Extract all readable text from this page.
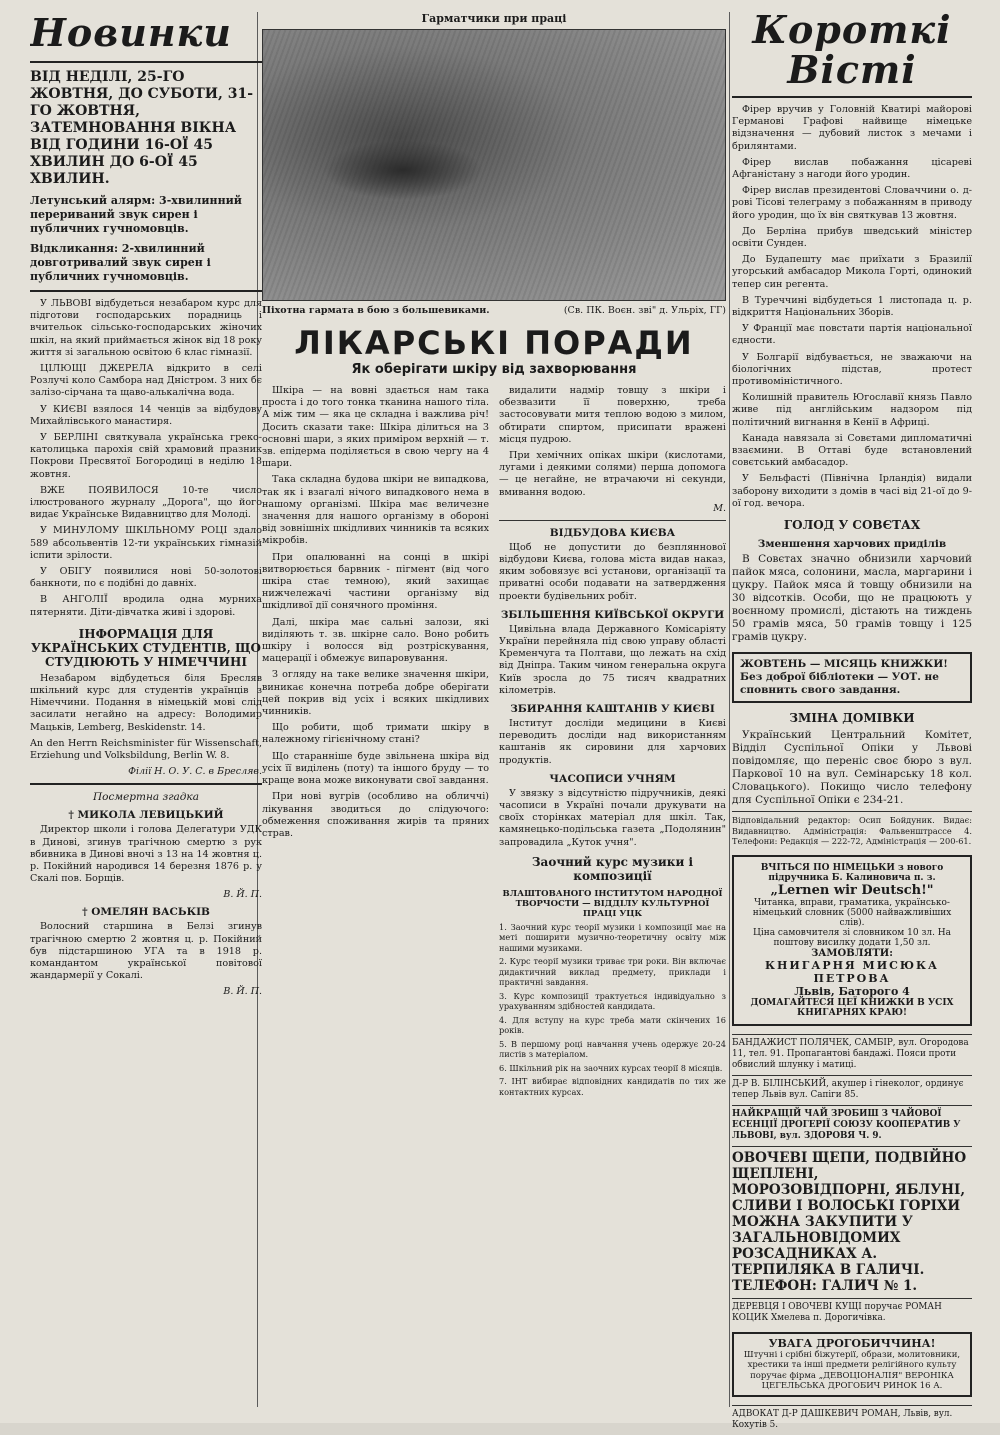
Новинки
ВІД НЕДІЛІ, 25-ГО ЖОВТНЯ, ДО СУБОТИ, 31-ГО ЖОВТНЯ, ЗАТЕМНОВАННЯ ВІКНА ВІД ГОДИНИ 16-ОЇ 45 ХВИЛИН ДО 6-ОЇ 45 ХВИЛИН.
Летунський алярм: 3-хвилинний перериваний звук сирен і публичних гучномовців.
Відкликання: 2-хвилинний довготривалий звук сирен і публичних гучномовців.

У ЛЬВОВІ відбудеться незабаром курс для підготови господарських порадниць і вчительок сільсько-господарських жіночих шкіл, на який приймається жінок від 18 року життя зі загальною освітою 6 клас гімназії.

ЦІЛЮЩІ ДЖЕРЕЛА відкрито в селі Розлучі коло Самбора над Дністром. 3 них бє залізо-сірчана та щаво-алькалічна вода.

У КИЄВІ взялося 14 ченців за відбудову Михайлівського манастиря.

У БЕРЛІНІ святкувала українська греко-католицька парохія свій храмовий празник Покрови Пресвятої Богородиці в неділю 18 жовтня.

ВЖЕ ПОЯВИЛОСЯ 10-те число ілюстрованого журналу „Дорога", що його видає Українське Видавництво для Молоді.

У МИНУЛОМУ ШКІЛЬНОМУ РОЦІ здало 589 абсольвентів 12-ти українських гімназій іспити зрілости.

У ОБІГУ появилися нові 50-золотові банкноти, по є подібні до давніх.

В АНГОЛІЇ вродила одна мурниха пятерняти. Діти-дівчатка живі і здорові.

ІНФОРМАЦІЯ ДЛЯ УКРАЇНСЬКИХ СТУДЕНТІВ, ЩО СТУДІЮЮТЬ У НІМЕЧЧИНІ

Незабаром відбудеться біля Бресляв шкільний курс для студентів українців з Німеччини. Подання в німецькій мові слід засилати негайно на адресу: Володимир Мацьків, Lemberg, Beskidenstr. 14.

An den Herrn Reichsminister für Wissenschaft, Erziehung und Volksbildung, Berlin W. 8.

Філії Н. О. У. С. в Бресляв.
Посмертна згадка
† МИКОЛА ЛЕВИЦЬКИЙ

Директор школи і голова Делегатури УДК в Динові, згинув трагічною смертю з рук вбивника в Динові вночі з 13 на 14 жовтня ц. р. Покійний народився 14 березня 1876 р. у Скалі пов. Борщів.

В. Й. П.
† ОМЕЛЯН ВАСЬКІВ

Волосний старшина в Белзі згинув трагічною смертю 2 жовтня ц. р. Покійний був підстаршиною УГА та в 1918 р. командантом української повітової жандармерії у Сокалі.

В. Й. П.
Гарматчики при праці
Піхотна гармата в бою з большевиками.	(Св. ПК. Воєн. зві" д. Ульріх, ГГ)
ЛІКАРСЬКІ ПОРАДИ
Як оберігати шкіру від захворювання

Шкіра — на вовні здається нам така проста і до того тонка тканина нашого тіла. А між тим — яка це складна і важлива річ! Досить сказати таке: Шкіра ділиться на 3 основні шари, з яких приміром верхній — т. зв. епідерма поділяється в свою чергу на 4 шари.

Така складна будова шкіри не випадкова, так як і взагалі нічого випадкового нема в нашому організмі. Шкіра має величезне значення для нашого організму в обороні від зовнішніх шкідливих чинників та всяких мікробів.

При опалюванні на сонці в шкірі витворюється барвник - пігмент (від чого шкіра стає темною), який захищає нижчележачі частини організму від шкідливої дії сонячного проміння.

Далі, шкіра має сальні залози, які виділяють т. зв. шкірне сало. Воно робить шкіру і волосся від розтріскування, мацерації і обмежує випаровування.

З огляду на таке велике значення шкіри, виникає конечна потреба добре оберігати цей покрив від усіх і всяких шкідливих чинників.

Що робити, щоб тримати шкіру в належному гігієнічному стані?

Що старанніше буде звільнена шкіра від усіх її виділень (поту) та іншого бруду — то краще вона може виконувати свої завдання.

При нові вугрів (особливо на обличчі) лікування зводиться до слідуючого: обмеження споживання жирів та пряних страв.

видалити надмір товщу з шкіри і обезвазити її поверхню, треба застосовувати митя теплою водою з милом, обтирати спиртом, присипати вражені місця пудрою.

При хемічних опіках шкіри (кислотами, лугами і деякими солями) перша допомога — це негайне, не втрачаючи ні секунди, вмивання водою.

М.
ВІДБУДОВА КИЄВА

Щоб не допустити до безпляннової відбудови Києва, голова міста видав наказ, яким зобовязує всі установи, організації та приватні особи подавати на затвердження проекти будівельних робіт.

ЗБІЛЬШЕННЯ КИЇВСЬКОЇ ОКРУГИ

Цивільна влада Державного Комісаріяту України перейняла під свою управу області Кременчуга та Полтави, що лежать на схід від Дніпра. Таким чином генеральна округа Київ зросла до 75 тисяч квадратних кілометрів.

ЗБИРАННЯ КАШТАНІВ У КИЄВІ

Інститут досліди медицини в Києві переводить досліди над використанням каштанів як сировини для харчових продуктів.

ЧАСОПИСИ УЧНЯМ

У звязку з відсутністю підручників, деякі часописи в Україні почали друкувати на своїх сторінках матеріал для шкіл. Так, камянецько-подільська газета „Подолянин" запровадила „Куток учня".

Заочний курс музики і композиції
ВЛАШТОВАНОГО ІНСТИТУТОМ НАРОДНОЇ ТВОРЧОСТИ — ВІДДІЛУ КУЛЬТУРНОЇ ПРАЦІ УЦК

1. Заочний курс теорії музики і композиції має на меті поширити музично-теоретичну освіту між нашими музиками.

2. Курс теорії музики триває три роки. Він включає дидактичний виклад предмету, приклади і практичні завдання.

3. Курс композиції трактується індивідуально з урахуванням здібностей кандидата.

4. Для вступу на курс треба мати скінчених 16 років.

5. В першому році навчання учень одержує 20-24 листів з матеріалом.

6. Шкільний рік на заочних курсах теорії 8 місяців.

7. ІНТ вибирає відповідних кандидатів по тих же контактних курсах.

Короткі
Вісті

Фірер вручив у Головній Кватирі майорові Германові Графові найвище німецьке відзначення — дубовий листок з мечами і брилянтами.

Фірер вислав побажання цісареві Афганістану з нагоди його уродин.

Фірер вислав президентові Словаччини о. д-рові Тісові телеграму з побажанням в приводу його уродин, що їх він святкував 13 жовтня.

До Берліна прибув шведський міністер освіти Сунден.

До Будапешту має приїхати з Бразилії угорський амбасадор Микола Горті, одинокий тепер син регента.

В Туреччині відбудеться 1 листопада ц. р. відкриття Національних Зборів.

У Франції має повстати партія національної єдности.

У Болгарії відбувається, не зважаючи на біологічних підстав, протест противоміністичного.

Колишній правитель Югославії князь Павло живе під англійським надзором під політичний вигнання в Кенії в Африці.

Канада навязала зі Совєтами дипломатичні взаємини. В Оттаві буде встановлений совєтський амбасадор.

У Бельфасті (Північна Ірландія) видали заборону виходити з домів в часі від 21-ої до 9-ої год. вечора.

ГОЛОД У СОВЄТАХ
Зменшення харчових приділів

В Совєтах значно обнизили харчовий пайок мяса, солонини, масла, маргарини і цукру. Пайок мяса й товщу обнизили на 30 відсотків. Особи, що не працюють у воєнному промислі, дістають на тиждень 50 грамів мяса, 50 грамів товщу і 125 грамів цукру.

ЖОВТЕНЬ — МІСЯЦЬ КНИЖКИ! Без доброї бібліотеки — УОТ. не сповнить свого завдання.
ЗМІНА ДОМІВКИ

Український Центральний Комітет, Відділ Суспільної Опіки у Львові повідомляє, що переніс своє бюро з вул. Паркової 10 на вул. Семінарську 18 кол. Словацького). Покищо число телефону для Суспільної Опіки є 234-21.

Відповідальний редактор: Осип Бойдуник. Видає: Видавництво. Адміністрація: Фальвенштрассе 4. Телефони: Редакція — 222-72, Адміністрація — 200-61.

ВЧІТЬСЯ ПО НІМЕЦЬКИ з нового підручника Б. Калиновича п. з.
„Lernen wir Deutsch!"
Читанка, вправи, граматика, українсько-німецький словник (5000 найважливіших слів).
Ціна самовчителя зі словником 10 зл. На поштову висилку додати 1,50 зл.
ЗАМОВЛЯТИ:
КНИГАРНЯ МИСЮКА ПЕТРОВА
Львів, Баторого 4
ДОМАГАЙТЕСЯ ЦЕЇ КНИЖКИ В УСІХ КНИГАРНЯХ КРАЮ!

БАНДАЖИСТ ПОЛЯЧЕК, САМБІР, вул. Огородова 11, тел. 91. Пропагантові бандажі. Пояси проти обвислий шлунку і матиці.

Д-Р В. БІЛІНСЬКИЙ, акушер і гінеколог, ординує тепер Львів вул. Сапіги 85.

НАЙКРАЩІЙ ЧАЙ ЗРОБИШ З ЧАЙОВОЇ ЕСЕНЦІЇ ДРОГЕРІЇ СОЮЗУ КООПЕРАТИВ У ЛЬВОВІ, вул. ЗДОРОВЯ Ч. 9.

ОВОЧЕВІ ЩЕПИ, ПОДВІЙНО ЩЕПЛЕНІ, МОРОЗОВІДПОРНІ, ЯБЛУНІ, СЛИВИ І ВОЛОСЬКІ ГОРІХИ МОЖНА ЗАКУПИТИ У ЗАГАЛЬНОВІДОМИХ РОЗСАДНИКАХ А. ТЕРПИЛЯКА В ГАЛИЧІ. ТЕЛЕФОН: ГАЛИЧ № 1.

ДЕРЕВЦЯ І ОВОЧЕВІ КУЩІ поручає РОМАН КОЦИК Хмелева п. Дорогичівка.

УВАГА ДРОГОБИЧЧИНА!
Штучні і срібні біжутерії, образи, молитовники, хрестики та інші предмети релігійного культу поручає фірма „ДЕВОЦІОНАЛІЯ" ВЕРОНІКА ЦЕГЕЛЬСЬКА ДРОГОБИЧ РИНОК 16 А.

АДВОКАТ Д-Р ДАШКЕВИЧ РОМАН, Львів, вул. Кохутів 5.
